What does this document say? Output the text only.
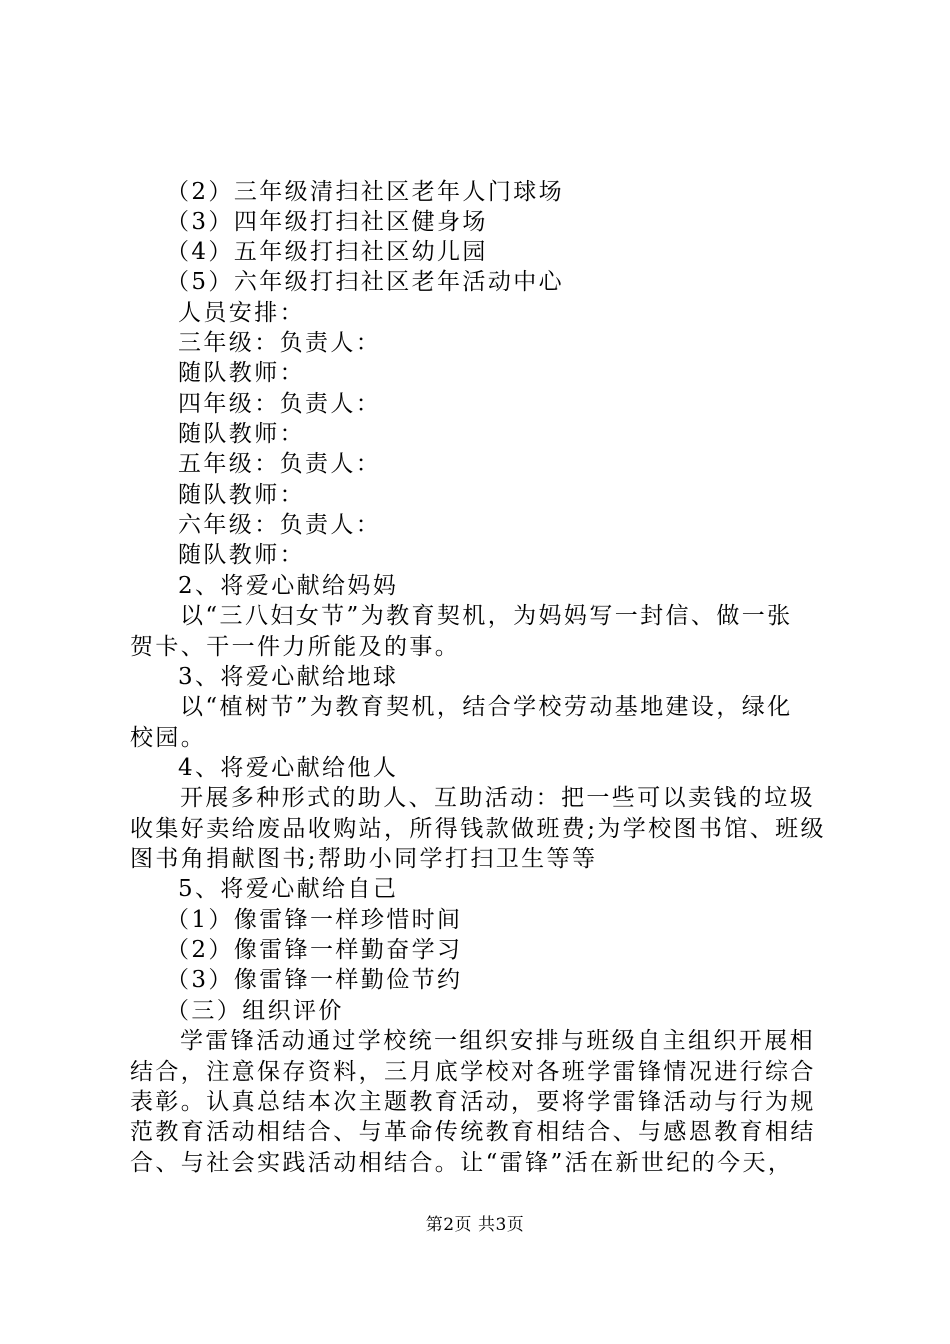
（2）三年级清扫社区老年人门球场
（3）四年级打扫社区健身场
（4）五年级打扫社区幼儿园
（5）六年级打扫社区老年活动中心
人员安排：
三年级：负责人：
随队教师：
四年级：负责人：
随队教师：
五年级：负责人：
随队教师：
六年级：负责人：
随队教师：
2、将爱心献给妈妈
以“三八妇女节”为教育契机，为妈妈写一封信、做一张
贺卡、干一件力所能及的事。
3、将爱心献给地球
以“植树节”为教育契机，结合学校劳动基地建设，绿化
校园。
4、将爱心献给他人
开展多种形式的助人、互助活动：把一些可以卖钱的垃圾
收集好卖给废品收购站，所得钱款做班费;为学校图书馆、班级
图书角捐献图书;帮助小同学打扫卫生等等
5、将爱心献给自己
（1）像雷锋一样珍惜时间
（2）像雷锋一样勤奋学习
（3）像雷锋一样勤俭节约
（三）组织评价
学雷锋活动通过学校统一组织安排与班级自主组织开展相
结合，注意保存资料，三月底学校对各班学雷锋情况进行综合
表彰。认真总结本次主题教育活动，要将学雷锋活动与行为规
范教育活动相结合、与革命传统教育相结合、与感恩教育相结
合、与社会实践活动相结合。让“雷锋”活在新世纪的今天，
第2页 共3页
